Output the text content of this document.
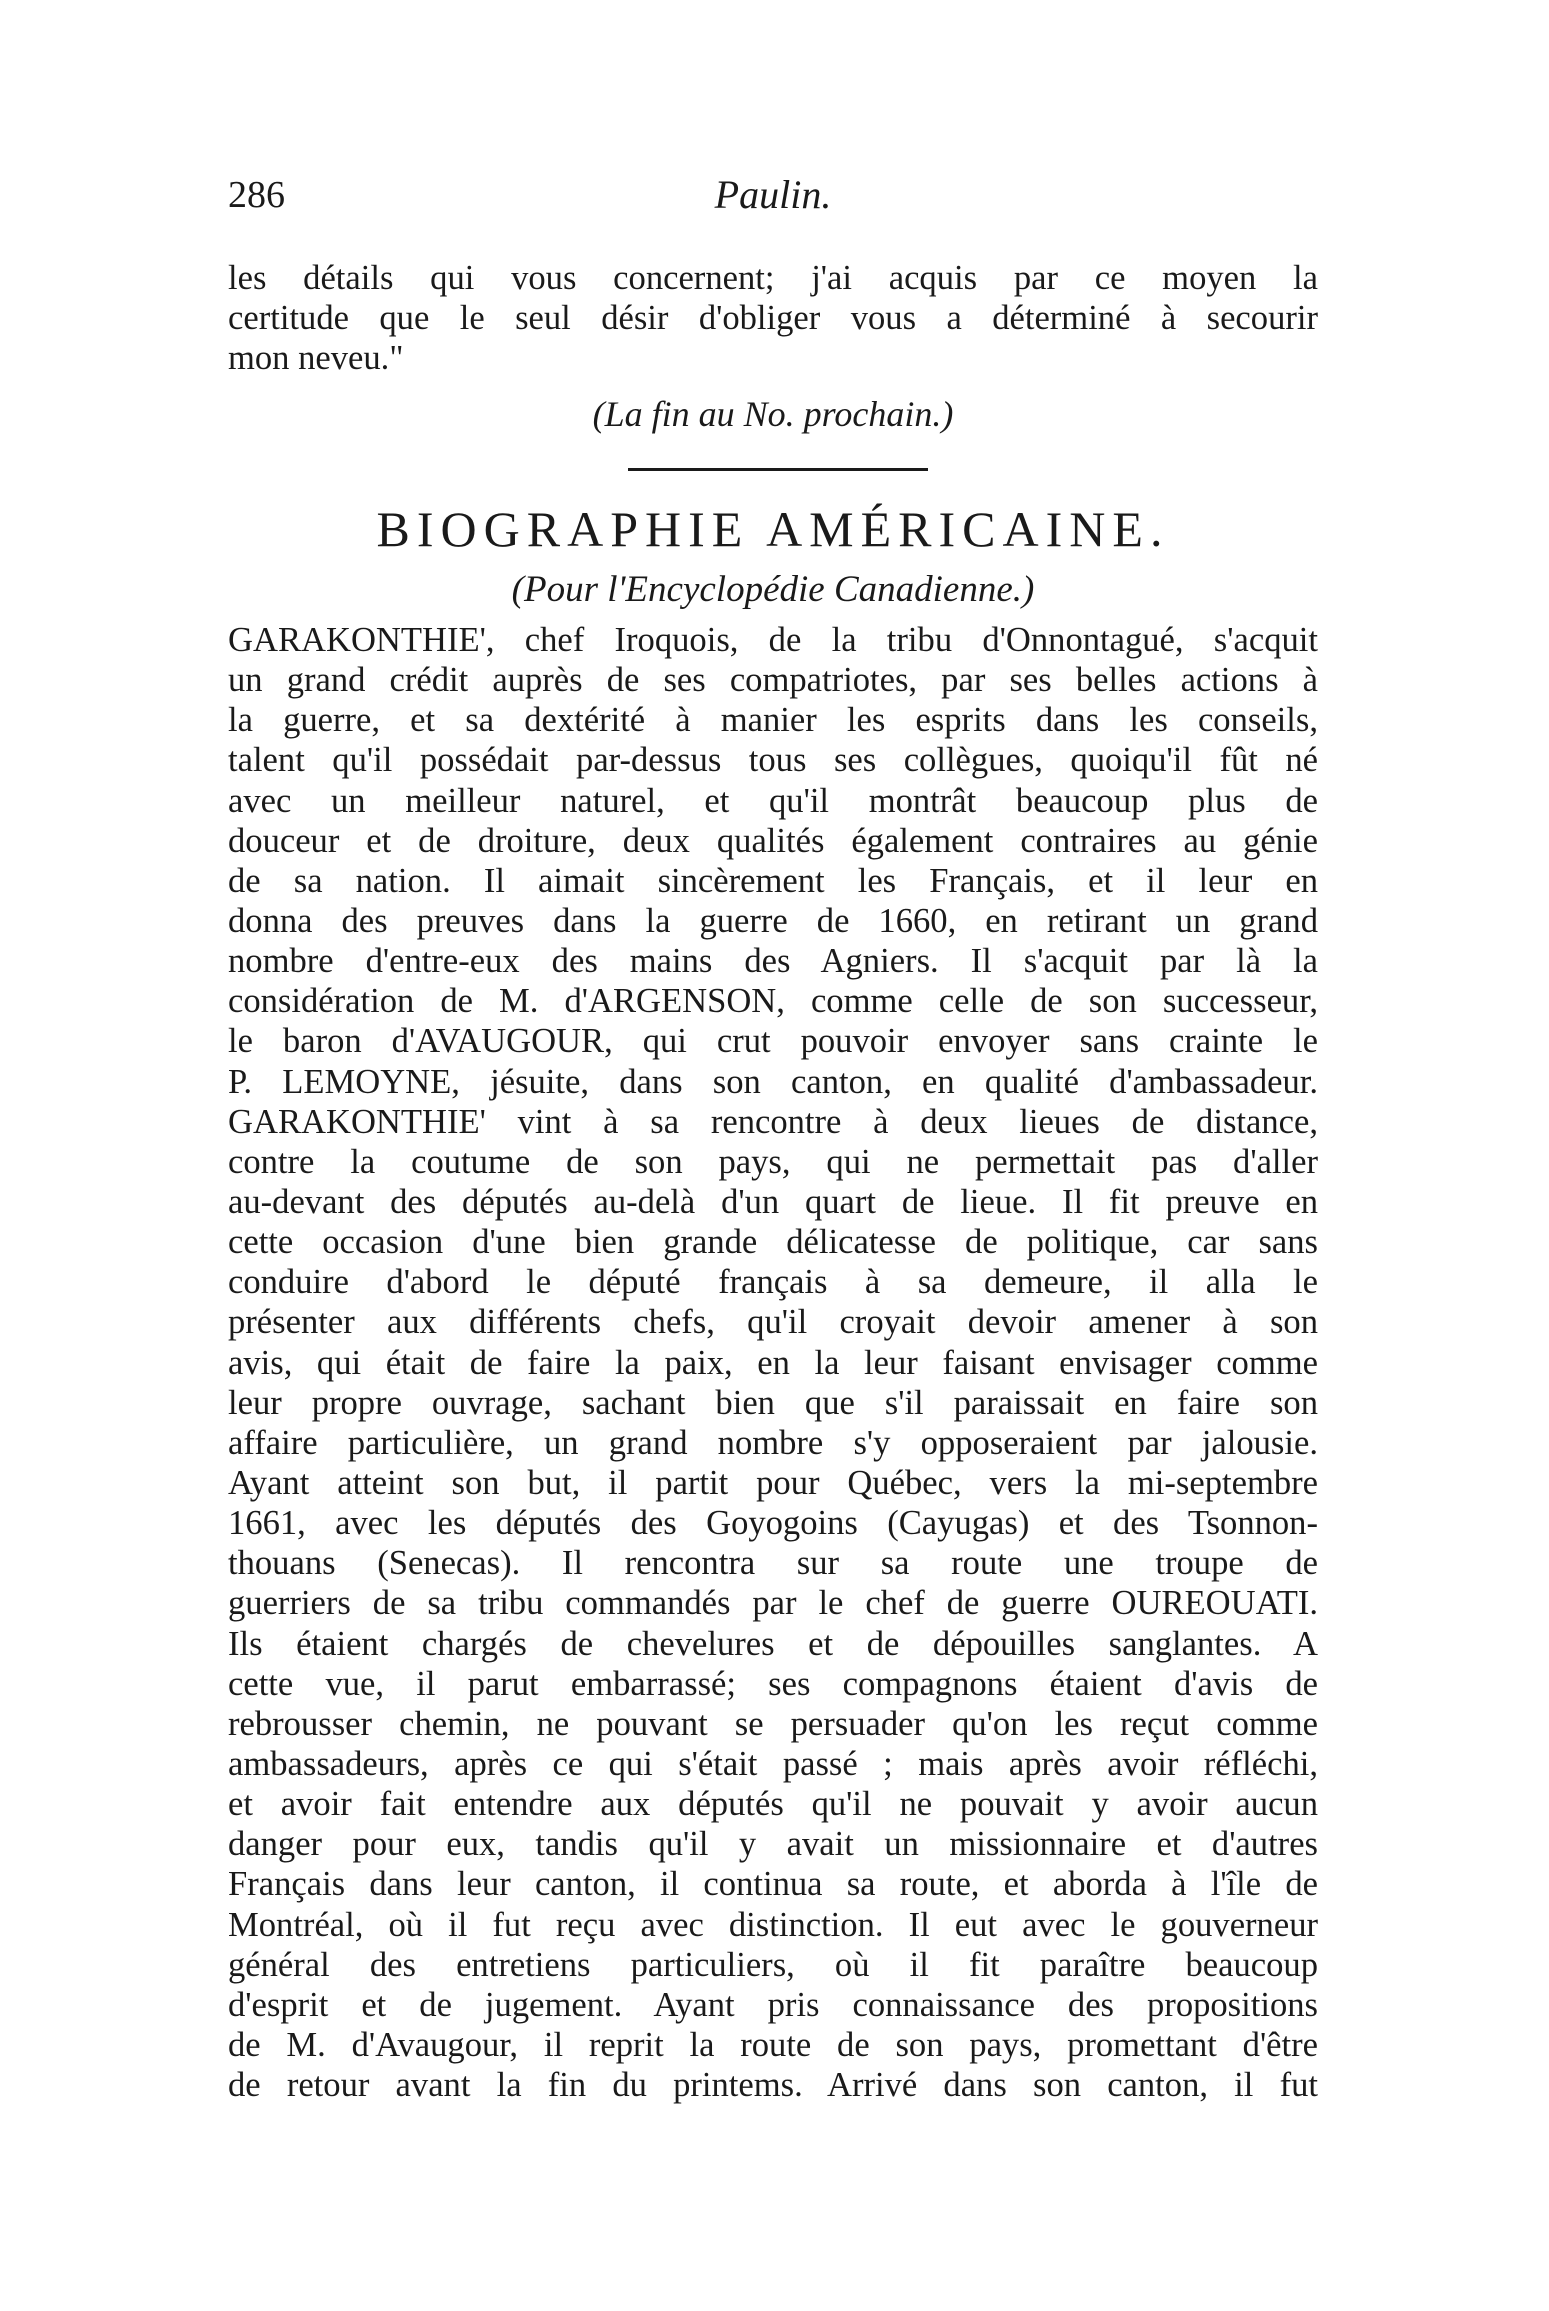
286	Paulin.
les détails qui vous concernent; j'ai acquis par ce moyen la
certitude que le seul désir d'obliger vous a déterminé à secourir
mon neveu."
(La fin au No. prochain.)
BIOGRAPHIE AMÉRICAINE.
(Pour l'Encyclopédie Canadienne.)
GARAKONTHIE', chef Iroquois, de la tribu d'Onnontagué, s'acquit
un grand crédit auprès de ses compatriotes, par ses belles actions à
la guerre, et sa dextérité à manier les esprits dans les conseils,
talent qu'il possédait par-dessus tous ses collègues, quoiqu'il fût né
avec un meilleur naturel, et qu'il montrât beaucoup plus de
douceur et de droiture, deux qualités également contraires au génie
de sa nation. Il aimait sincèrement les Français, et il leur en
donna des preuves dans la guerre de 1660, en retirant un grand
nombre d'entre-eux des mains des Agniers. Il s'acquit par là la
considération de M. d'ARGENSON, comme celle de son successeur,
le baron d'AVAUGOUR, qui crut pouvoir envoyer sans crainte le
P. LEMOYNE, jésuite, dans son canton, en qualité d'ambassadeur.
GARAKONTHIE' vint à sa rencontre à deux lieues de distance,
contre la coutume de son pays, qui ne permettait pas d'aller
au-devant des députés au-delà d'un quart de lieue. Il fit preuve en
cette occasion d'une bien grande délicatesse de politique, car sans
conduire d'abord le député français à sa demeure, il alla le
présenter aux différents chefs, qu'il croyait devoir amener à son
avis, qui était de faire la paix, en la leur faisant envisager comme
leur propre ouvrage, sachant bien que s'il paraissait en faire son
affaire particulière, un grand nombre s'y opposeraient par jalousie.
Ayant atteint son but, il partit pour Québec, vers la mi-septembre
1661, avec les députés des Goyogoins (Cayugas) et des Tsonnon-
thouans (Senecas). Il rencontra sur sa route une troupe de
guerriers de sa tribu commandés par le chef de guerre OUREOUATI.
Ils étaient chargés de chevelures et de dépouilles sanglantes. A
cette vue, il parut embarrassé; ses compagnons étaient d'avis de
rebrousser chemin, ne pouvant se persuader qu'on les reçut comme
ambassadeurs, après ce qui s'était passé ; mais après avoir réfléchi,
et avoir fait entendre aux députés qu'il ne pouvait y avoir aucun
danger pour eux, tandis qu'il y avait un missionnaire et d'autres
Français dans leur canton, il continua sa route, et aborda à l'île de
Montréal, où il fut reçu avec distinction. Il eut avec le gouverneur
général des entretiens particuliers, où il fit paraître beaucoup
d'esprit et de jugement. Ayant pris connaissance des propositions
de M. d'Avaugour, il reprit la route de son pays, promettant d'être
de retour avant la fin du printems. Arrivé dans son canton, il fut
